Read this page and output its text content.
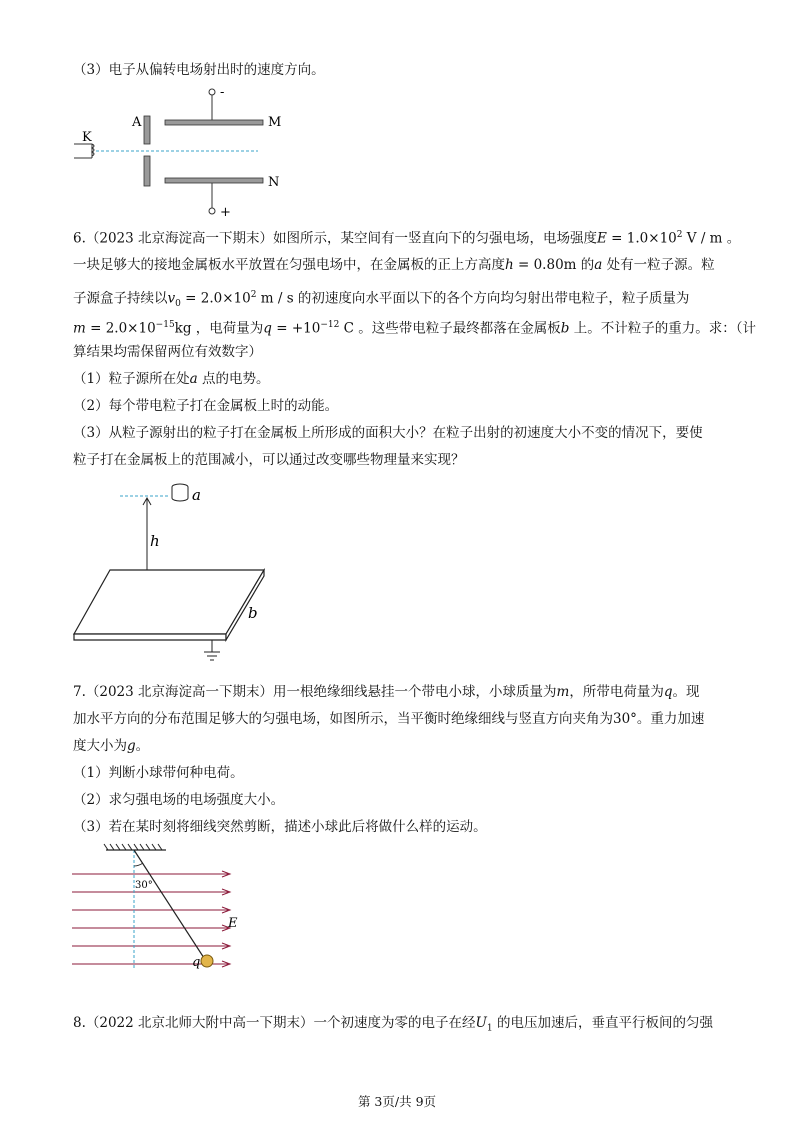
（3）电子从偏转电场射出时的速度方向。
-
M
N
+
A
K
6.（2023 北京海淀高一下期末）如图所示，某空间有一竖直向下的匀强电场，电场强度$E = 1.0\times 10^2$ V / m 。
一块足够大的接地金属板水平放置在匀强电场中，在金属板的正上方高度h = 0.80m 的a 处有一粒子源。粒
子源盒子持续以$v_0 = 2.0\times 10^2$ m / s 的初速度向水平面以下的各个方向均匀射出带电粒子，粒子质量为
$m = 2.0\times 10^{-15}kg$ ，电荷量为$q = +10^{-12}$ C 。这些带电粒子最终都落在金属板b 上。不计粒子的重力。求：（计
算结果均需保留两位有效数字）
（1）粒子源所在处a 点的电势。
（2）每个带电粒子打在金属板上时的动能。
（3）从粒子源射出的粒子打在金属板上所形成的面积大小？在粒子出射的初速度大小不变的情况下，要使
粒子打在金属板上的范围减小，可以通过改变哪些物理量来实现？
a
h
b
7.（2023 北京海淀高一下期末）用一根绝缘细线悬挂一个带电小球，小球质量为m，所带电荷量为q。现
加水平方向的分布范围足够大的匀强电场，如图所示，当平衡时绝缘细线与竖直方向夹角为30°。重力加速
度大小为g。
（1）判断小球带何种电荷。
（2）求匀强电场的电场强度大小。
（3）若在某时刻将细线突然剪断，描述小球此后将做什么样的运动。
30°
E
q
8.（2022 北京北师大附中高一下期末）一个初速度为零的电子在经$U_1$ 的电压加速后，垂直平行板间的匀强
第 3页/共 9页
